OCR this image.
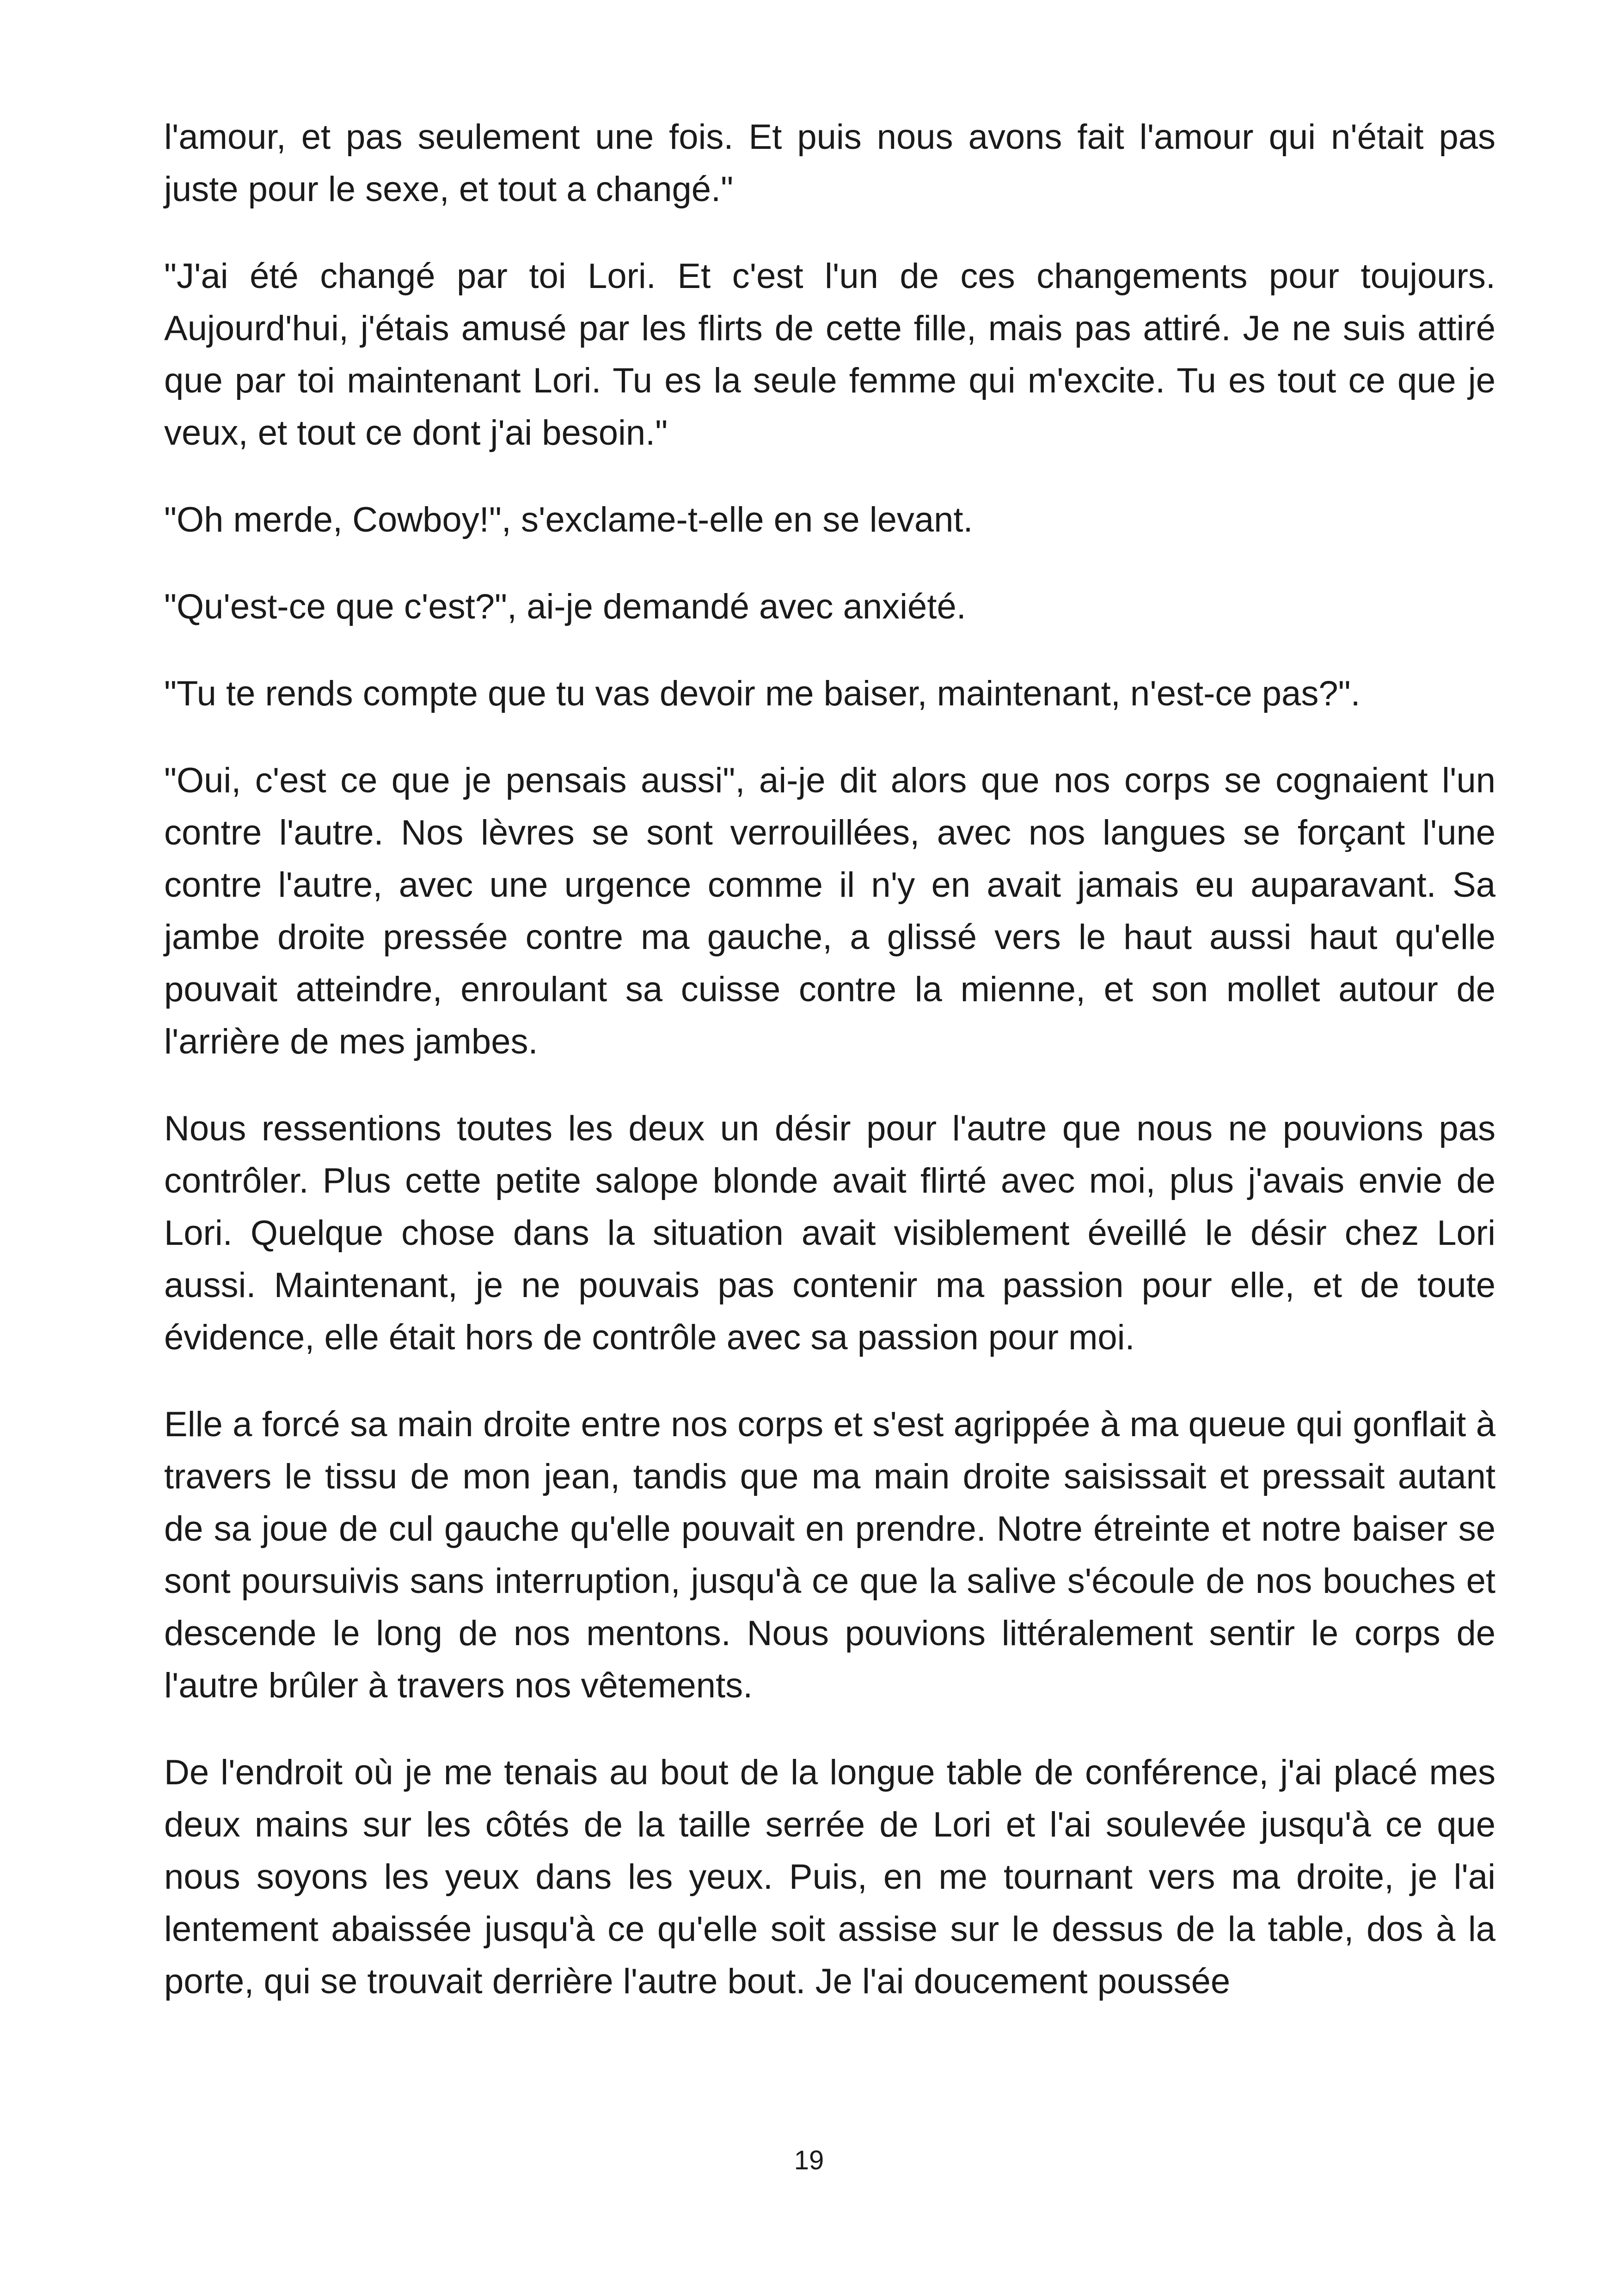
l'amour, et pas seulement une fois. Et puis nous avons fait l'amour qui n'était pas juste pour le sexe, et tout a changé."

"J'ai été changé par toi Lori. Et c'est l'un de ces changements pour toujours. Aujourd'hui, j'étais amusé par les flirts de cette fille, mais pas attiré. Je ne suis attiré que par toi maintenant Lori. Tu es la seule femme qui m'excite. Tu es tout ce que je veux, et tout ce dont j'ai besoin."

"Oh merde, Cowboy!", s'exclame-t-elle en se levant.

"Qu'est-ce que c'est?", ai-je demandé avec anxiété.

"Tu te rends compte que tu vas devoir me baiser, maintenant, n'est-ce pas?".

"Oui, c'est ce que je pensais aussi", ai-je dit alors que nos corps se cognaient l'un contre l'autre. Nos lèvres se sont verrouillées, avec nos langues se forçant l'une contre l'autre, avec une urgence comme il n'y en avait jamais eu auparavant. Sa jambe droite pressée contre ma gauche, a glissé vers le haut aussi haut qu'elle pouvait atteindre, enroulant sa cuisse contre la mienne, et son mollet autour de l'arrière de mes jambes.

Nous ressentions toutes les deux un désir pour l'autre que nous ne pouvions pas contrôler. Plus cette petite salope blonde avait flirté avec moi, plus j'avais envie de Lori. Quelque chose dans la situation avait visiblement éveillé le désir chez Lori aussi. Maintenant, je ne pouvais pas contenir ma passion pour elle, et de toute évidence, elle était hors de contrôle avec sa passion pour moi.

Elle a forcé sa main droite entre nos corps et s'est agrippée à ma queue qui gonflait à travers le tissu de mon jean, tandis que ma main droite saisissait et pressait autant de sa joue de cul gauche qu'elle pouvait en prendre. Notre étreinte et notre baiser se sont poursuivis sans interruption, jusqu'à ce que la salive s'écoule de nos bouches et descende le long de nos mentons. Nous pouvions littéralement sentir le corps de l'autre brûler à travers nos vêtements.

De l'endroit où je me tenais au bout de la longue table de conférence, j'ai placé mes deux mains sur les côtés de la taille serrée de Lori et l'ai soulevée jusqu'à ce que nous soyons les yeux dans les yeux. Puis, en me tournant vers ma droite, je l'ai lentement abaissée jusqu'à ce qu'elle soit assise sur le dessus de la table, dos à la porte, qui se trouvait derrière l'autre bout. Je l'ai doucement poussée

19
